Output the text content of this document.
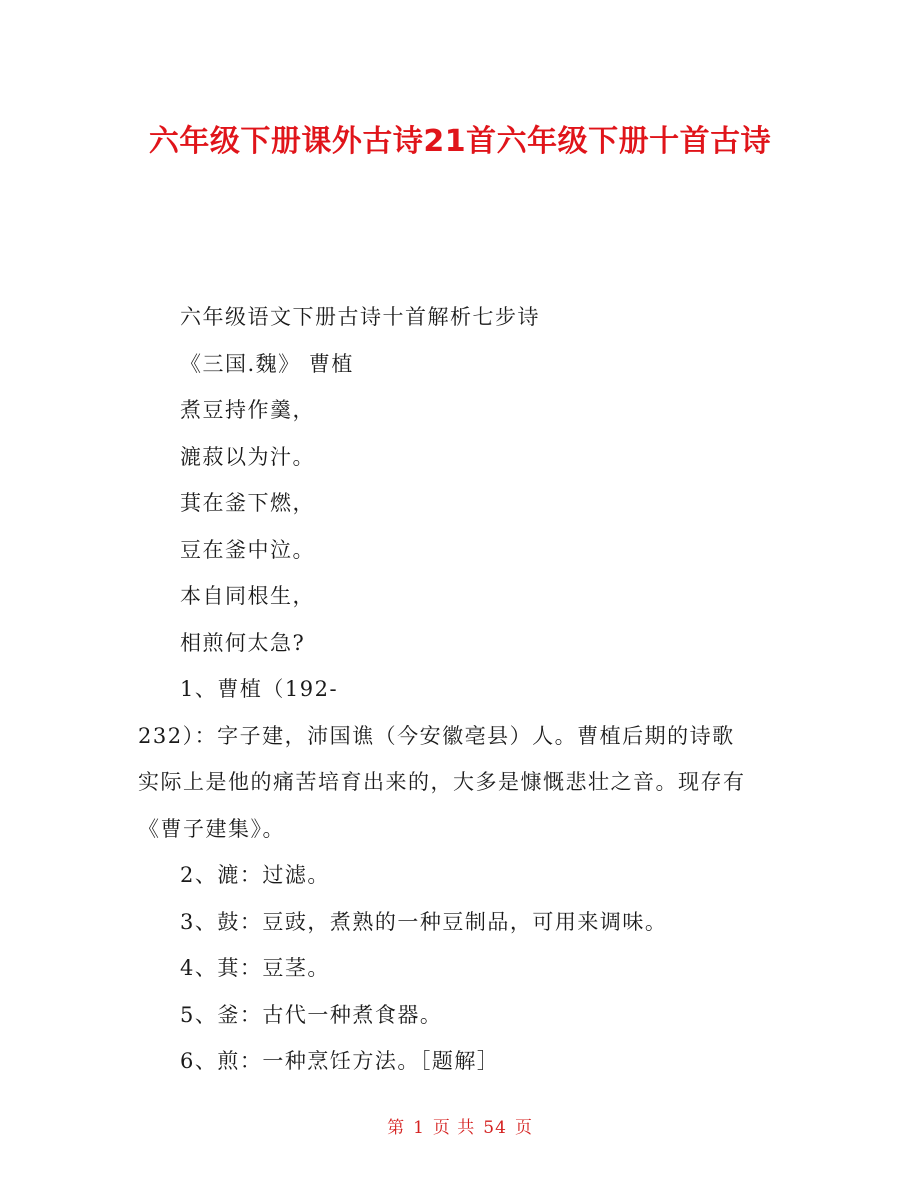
六年级下册课外古诗21首六年级下册十首古诗

六年级语文下册古诗十首解析七步诗

《三国.魏》 曹植

煮豆持作羹，

漉菽以为汁。

萁在釜下燃，

豆在釜中泣。

本自同根生，

相煎何太急?

1、曹植（192-

232）：字子建，沛国谯（今安徽亳县）人。曹植后期的诗歌

实际上是他的痛苦培育出来的，大多是慷慨悲壮之音。现存有

《曹子建集》。

2、漉：过滤。

3、鼓：豆豉，煮熟的一种豆制品，可用来调味。

4、萁：豆茎。

5、釜：古代一种煮食器。

6、煎：一种烹饪方法。［题解］

第 1 页 共 54 页
